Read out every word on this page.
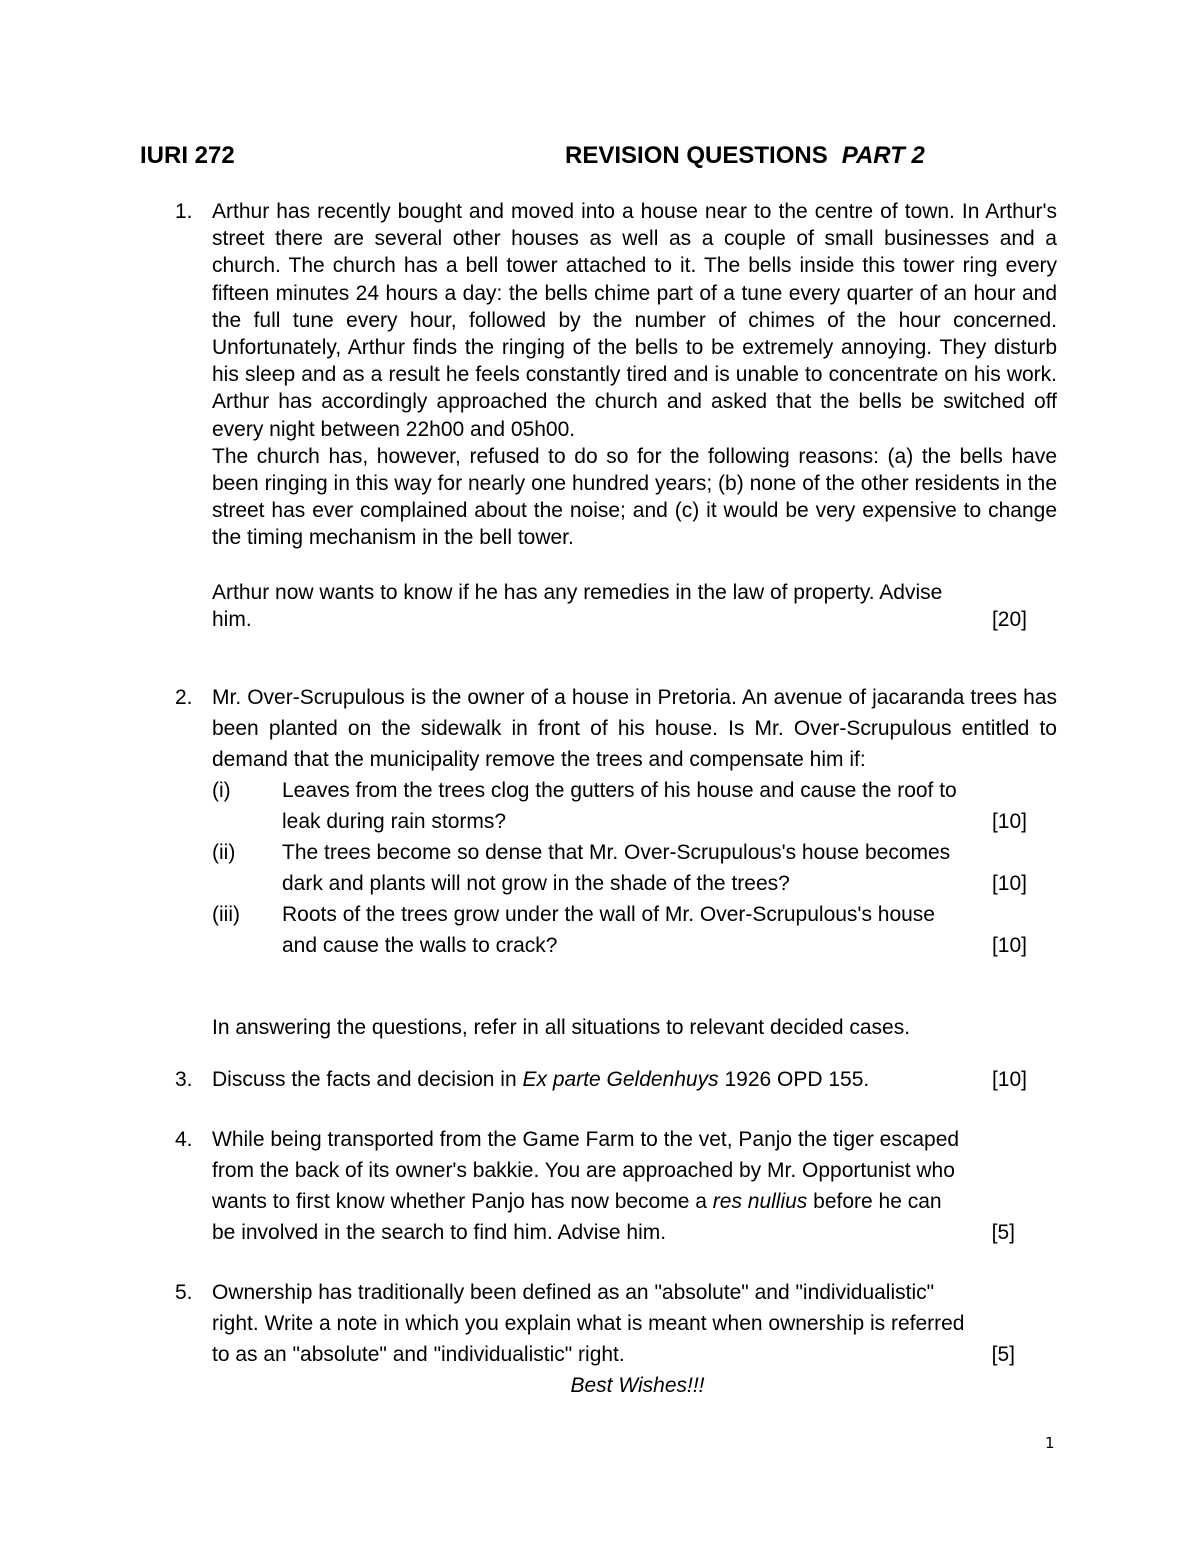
IURI 272	REVISION QUESTIONS PART 2
1. Arthur has recently bought and moved into a house near to the centre of town. In Arthur's street there are several other houses as well as a couple of small businesses and a church. The church has a bell tower attached to it. The bells inside this tower ring every fifteen minutes 24 hours a day: the bells chime part of a tune every quarter of an hour and the full tune every hour, followed by the number of chimes of the hour concerned. Unfortunately, Arthur finds the ringing of the bells to be extremely annoying. They disturb his sleep and as a result he feels constantly tired and is unable to concentrate on his work. Arthur has accordingly approached the church and asked that the bells be switched off every night between 22h00 and 05h00.

The church has, however, refused to do so for the following reasons: (a) the bells have been ringing in this way for nearly one hundred years; (b) none of the other residents in the street has ever complained about the noise; and (c) it would be very expensive to change the timing mechanism in the bell tower.

Arthur now wants to know if he has any remedies in the law of property. Advise

him.	[20]

2. Mr. Over-Scrupulous is the owner of a house in Pretoria. An avenue of jacaranda trees has been planted on the sidewalk in front of his house. Is Mr. Over-Scrupulous entitled to demand that the municipality remove the trees and compensate him if:

(i) Leaves from the trees clog the gutters of his house and cause the roof to
leak during rain storms?	[10]
(ii) The trees become so dense that Mr. Over-Scrupulous's house becomes
dark and plants will not grow in the shade of the trees?	[10]
(iii) Roots of the trees grow under the wall of Mr. Over-Scrupulous's house
and cause the walls to crack?	[10]
In answering the questions, refer in all situations to relevant decided cases.
3. Discuss the facts and decision in Ex parte Geldenhuys 1926 OPD 155.	[10]
4. While being transported from the Game Farm to the vet, Panjo the tiger escaped
from the back of its owner's bakkie. You are approached by Mr. Opportunist who
wants to first know whether Panjo has now become a res nullius before he can
be involved in the search to find him. Advise him.	[5]
5. Ownership has traditionally been defined as an "absolute" and "individualistic"
right. Write a note in which you explain what is meant when ownership is referred
to as an "absolute" and "individualistic" right.	[5]
Best Wishes!!!
1
